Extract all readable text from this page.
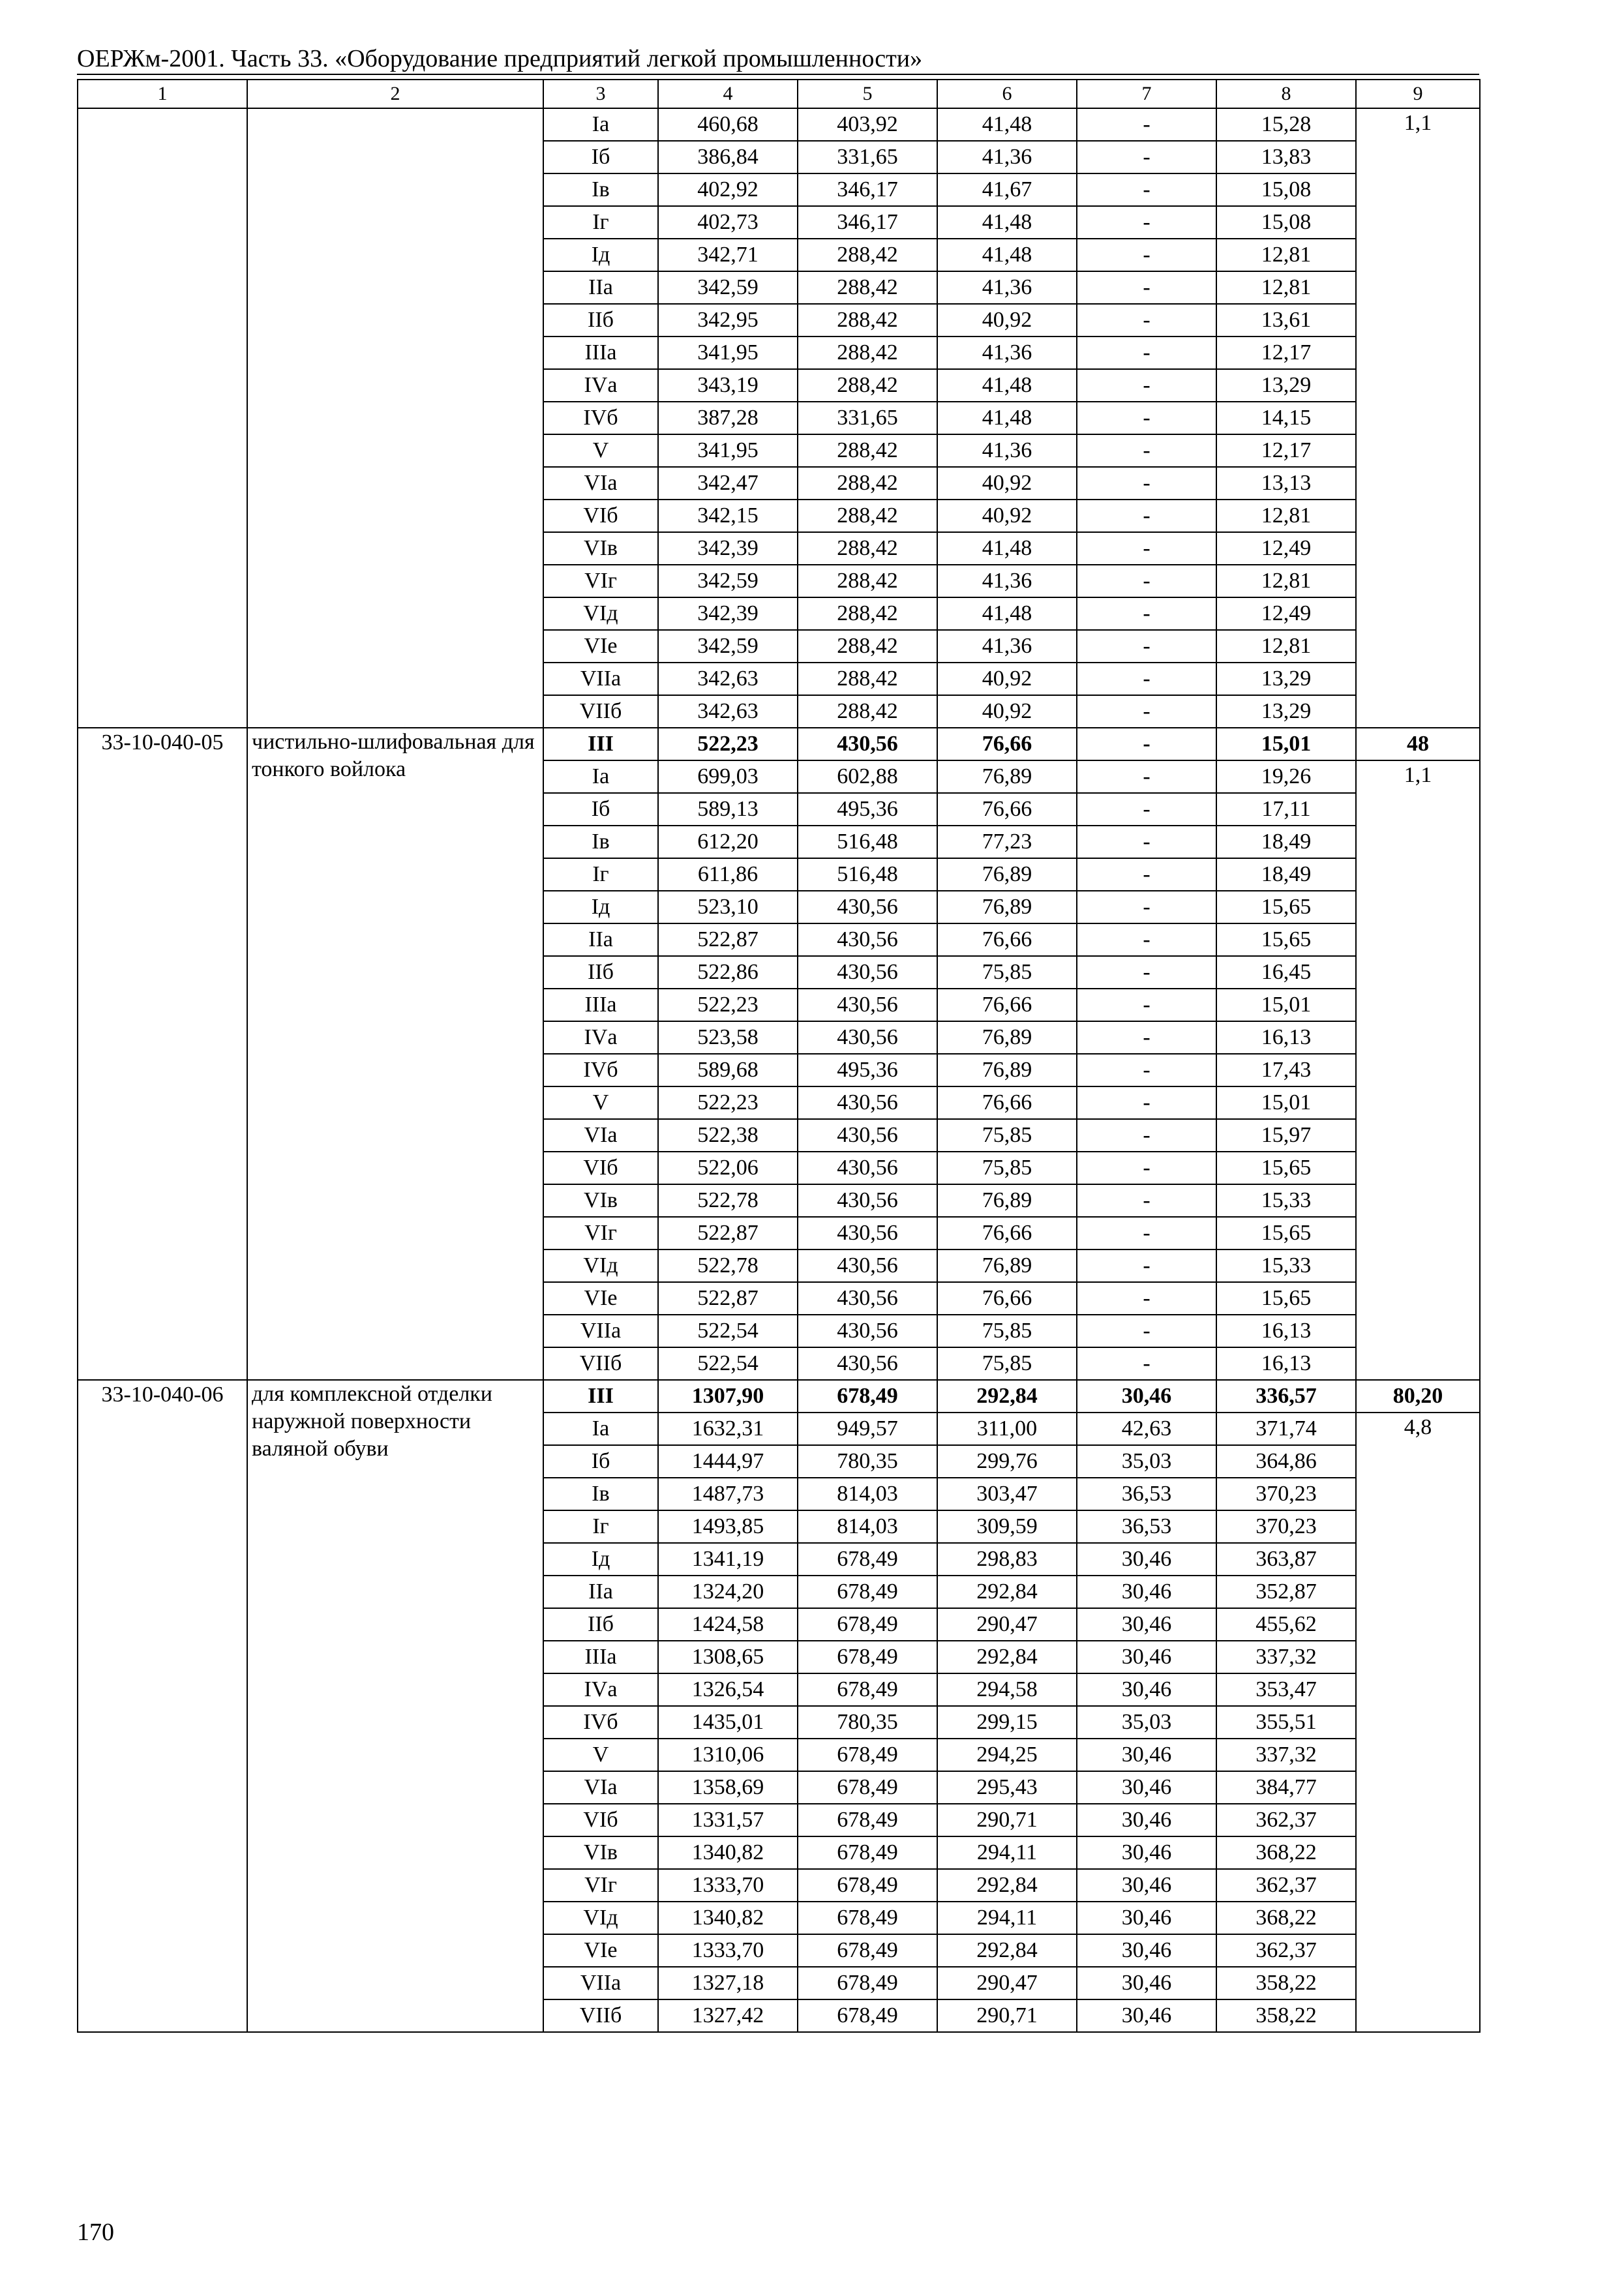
ОЕРЖм-2001. Часть 33. «Оборудование предприятий легкой промышленности»
1	2	3	4	5	6	7	8	9
		Iа	460,68	403,92	41,48	-	15,28	1,1
		Iб	386,84	331,65	41,36	-	13,83	
		Iв	402,92	346,17	41,67	-	15,08	
		Iг	402,73	346,17	41,48	-	15,08	
		Iд	342,71	288,42	41,48	-	12,81	
		IIа	342,59	288,42	41,36	-	12,81	
		IIб	342,95	288,42	40,92	-	13,61	
		IIIа	341,95	288,42	41,36	-	12,17	
		IVа	343,19	288,42	41,48	-	13,29	
		IVб	387,28	331,65	41,48	-	14,15	
		V	341,95	288,42	41,36	-	12,17	
		VIа	342,47	288,42	40,92	-	13,13	
		VIб	342,15	288,42	40,92	-	12,81	
		VIв	342,39	288,42	41,48	-	12,49	
		VIг	342,59	288,42	41,36	-	12,81	
		VIд	342,39	288,42	41,48	-	12,49	
		VIе	342,59	288,42	41,36	-	12,81	
		VIIа	342,63	288,42	40,92	-	13,29	
		VIIб	342,63	288,42	40,92	-	13,29	
33-10-040-05	чистильно-шлифовальная для тонкого войлока	III	522,23	430,56	76,66	-	15,01	48
		Iа	699,03	602,88	76,89	-	19,26	1,1
		Iб	589,13	495,36	76,66	-	17,11	
		Iв	612,20	516,48	77,23	-	18,49	
		Iг	611,86	516,48	76,89	-	18,49	
		Iд	523,10	430,56	76,89	-	15,65	
		IIа	522,87	430,56	76,66	-	15,65	
		IIб	522,86	430,56	75,85	-	16,45	
		IIIа	522,23	430,56	76,66	-	15,01	
		IVа	523,58	430,56	76,89	-	16,13	
		IVб	589,68	495,36	76,89	-	17,43	
		V	522,23	430,56	76,66	-	15,01	
		VIа	522,38	430,56	75,85	-	15,97	
		VIб	522,06	430,56	75,85	-	15,65	
		VIв	522,78	430,56	76,89	-	15,33	
		VIг	522,87	430,56	76,66	-	15,65	
		VIд	522,78	430,56	76,89	-	15,33	
		VIе	522,87	430,56	76,66	-	15,65	
		VIIа	522,54	430,56	75,85	-	16,13	
		VIIб	522,54	430,56	75,85	-	16,13	
33-10-040-06	для комплексной отделки наружной поверхности валяной обуви	III	1307,90	678,49	292,84	30,46	336,57	80,20
		Iа	1632,31	949,57	311,00	42,63	371,74	4,8
		Iб	1444,97	780,35	299,76	35,03	364,86	
		Iв	1487,73	814,03	303,47	36,53	370,23	
		Iг	1493,85	814,03	309,59	36,53	370,23	
		Iд	1341,19	678,49	298,83	30,46	363,87	
		IIа	1324,20	678,49	292,84	30,46	352,87	
		IIб	1424,58	678,49	290,47	30,46	455,62	
		IIIа	1308,65	678,49	292,84	30,46	337,32	
		IVа	1326,54	678,49	294,58	30,46	353,47	
		IVб	1435,01	780,35	299,15	35,03	355,51	
		V	1310,06	678,49	294,25	30,46	337,32	
		VIа	1358,69	678,49	295,43	30,46	384,77	
		VIб	1331,57	678,49	290,71	30,46	362,37	
		VIв	1340,82	678,49	294,11	30,46	368,22	
		VIг	1333,70	678,49	292,84	30,46	362,37	
		VIд	1340,82	678,49	294,11	30,46	368,22	
		VIе	1333,70	678,49	292,84	30,46	362,37	
		VIIа	1327,18	678,49	290,47	30,46	358,22	
		VIIб	1327,42	678,49	290,71	30,46	358,22	
170
